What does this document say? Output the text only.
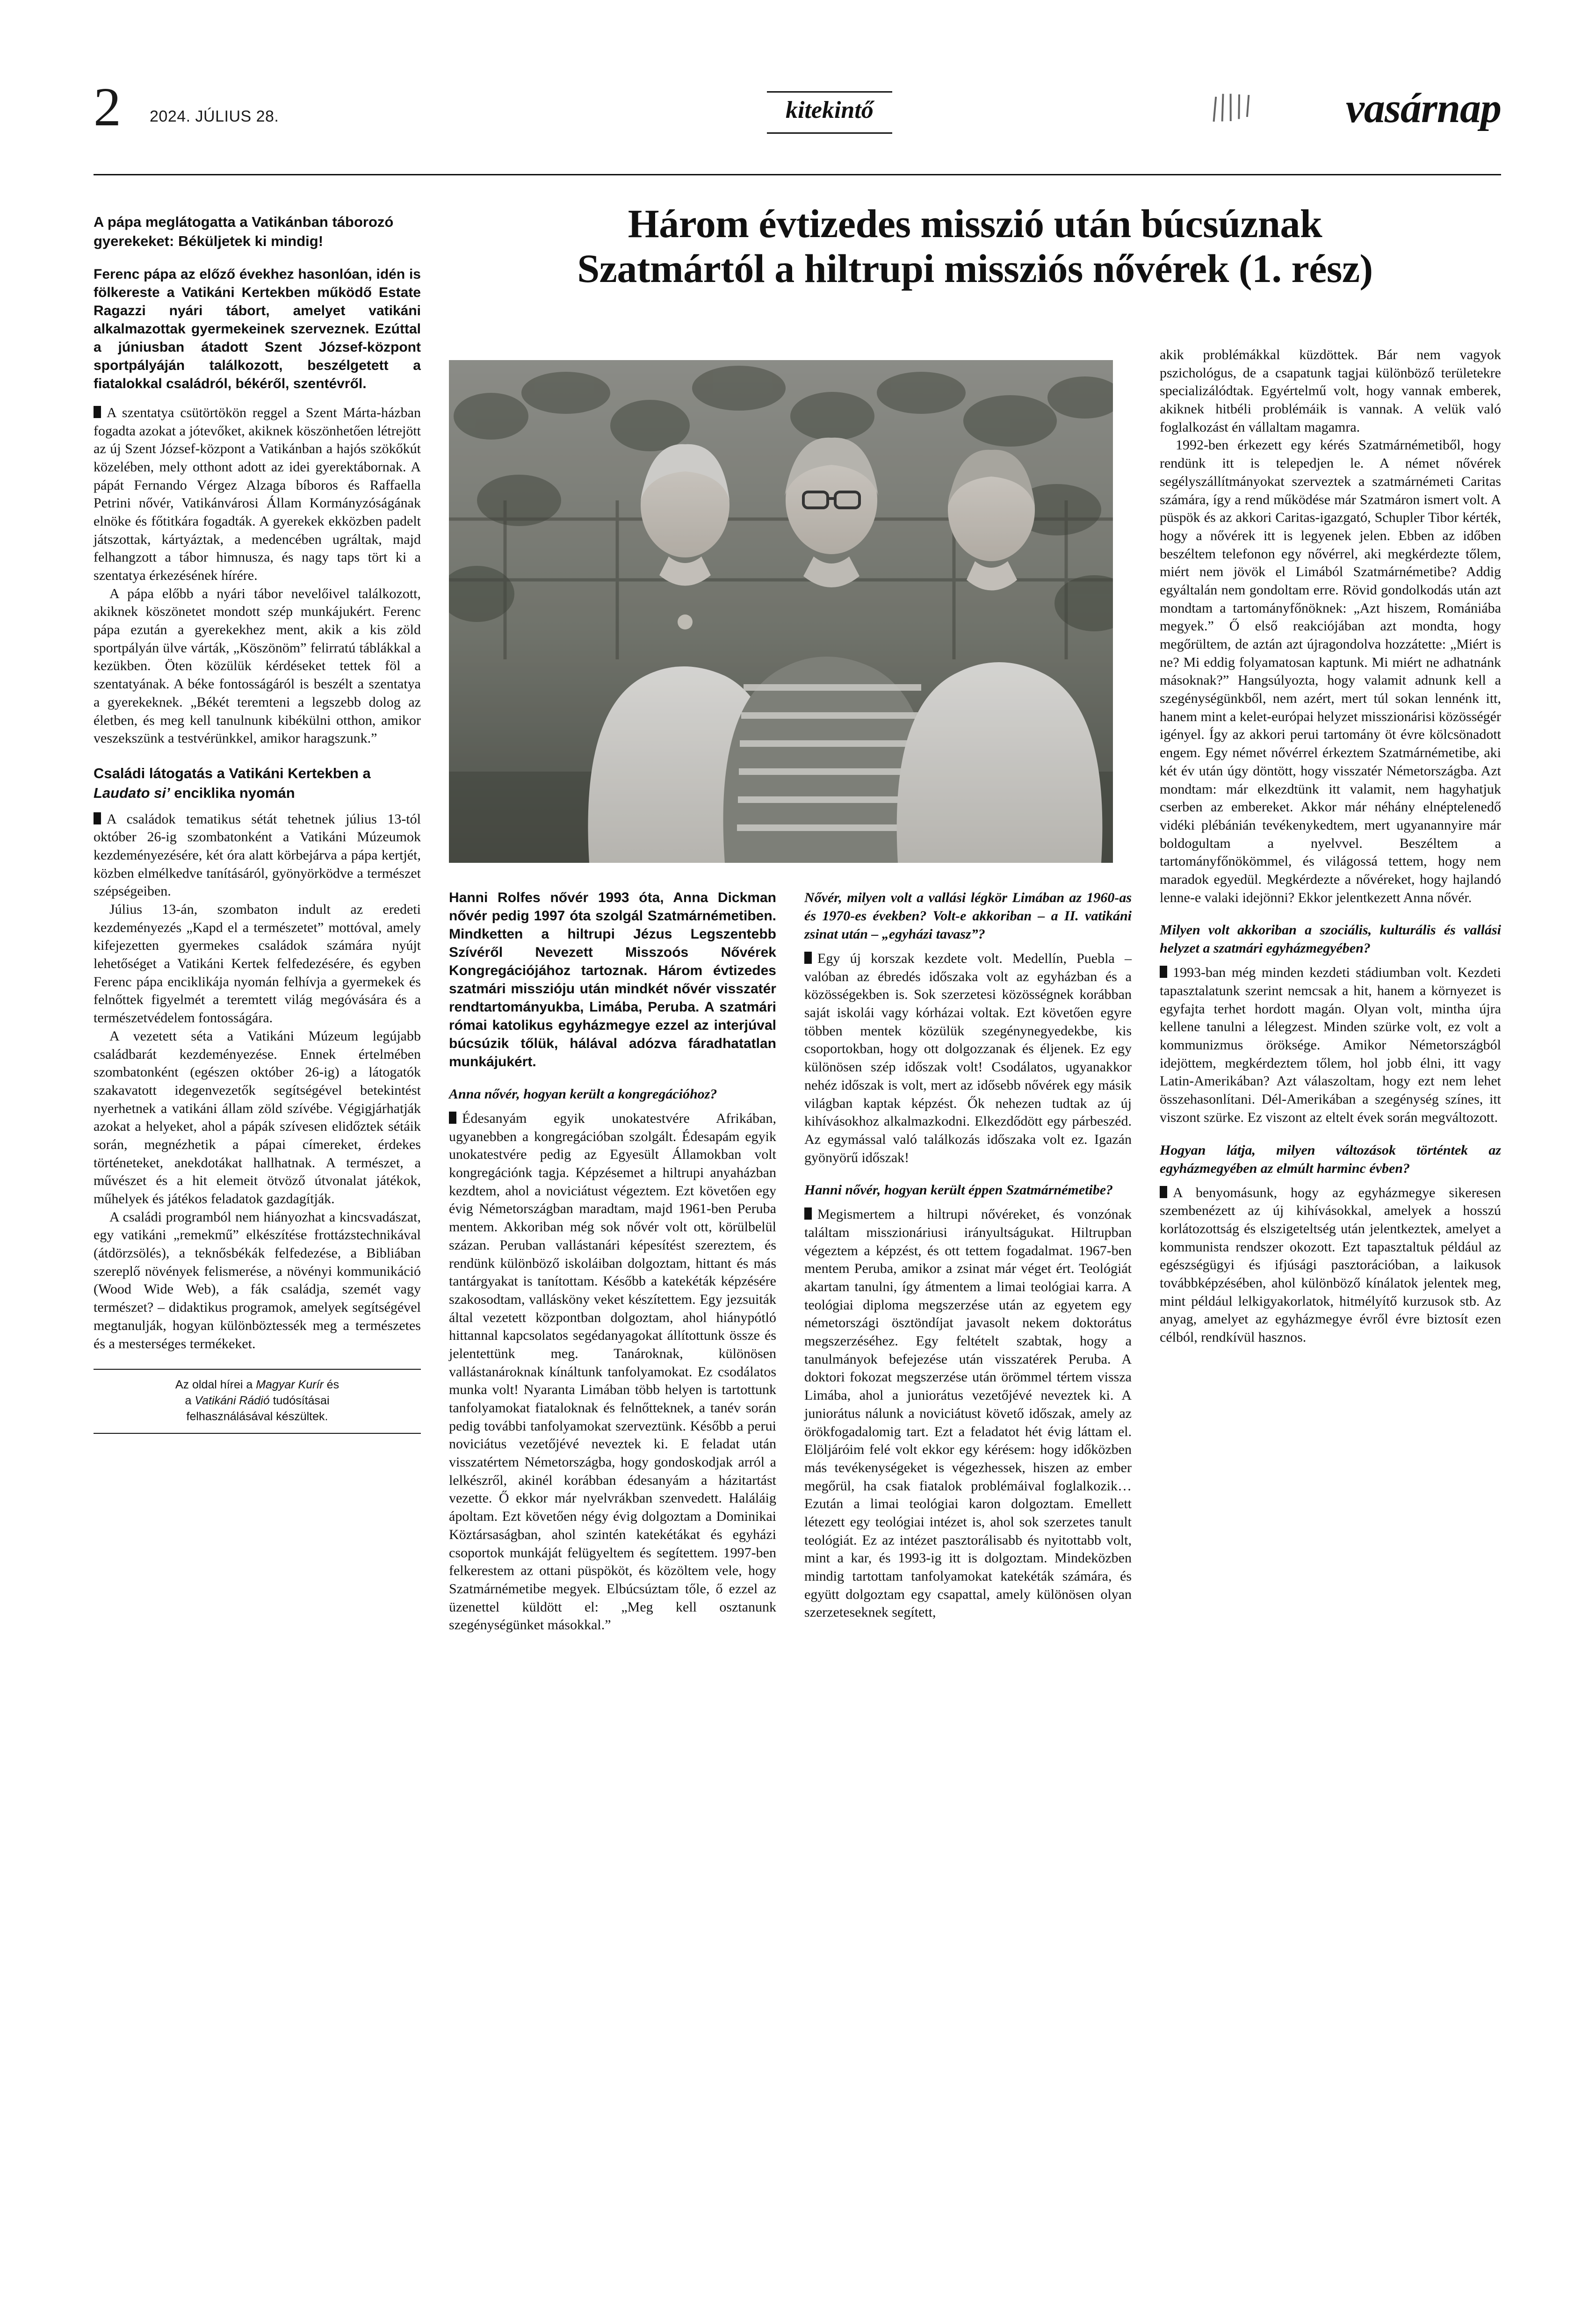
2 2024. JÚLIUS 28.	kitekintő	vasárnap
Három évtizedes misszió után búcsúznak
Szatmártól a hiltrupi missziós nővérek (1. rész)
A pápa meglátogatta a Vatikánban táborozó gyerekeket: Béküljetek ki mindig!

Ferenc pápa az előző évekhez hasonlóan, idén is fölkereste a Vatikáni Kertekben működő Estate Ragazzi nyári tábort, amelyet vatikáni alkalmazottak gyermekeinek szerveznek. Ezúttal a júniusban átadott Szent József-központ sportpályáján találkozott, beszélgetett a fiatalokkal családról, békéről, szentévről.

A szentatya csütörtökön reggel a Szent Márta-házban fogadta azokat a jótevőket, akiknek köszönhetően létrejött az új Szent József-központ a Vatikánban a hajós szökőkút közelében, mely otthont adott az idei gyerektábornak. A pápát Fernando Vérgez Alzaga bíboros és Raffaella Petrini nővér, Vatikánvárosi Állam Kormányzóságának elnöke és főtitkára fogadták. A gyerekek ekközben padelt játszottak, kártyáztak, a medencében ugráltak, majd felhangzott a tábor himnusza, és nagy taps tört ki a szentatya érkezésének hírére.

A pápa előbb a nyári tábor nevelőivel találkozott, akiknek köszönetet mondott szép munkájukért. Ferenc pápa ezután a gyerekekhez ment, akik a kis zöld sportpályán ülve várták, „Köszönöm” felirratú táblákkal a kezükben. Öten közülük kérdéseket tettek föl a szentatyának. A béke fontosságáról is beszélt a szentatya a gyerekeknek. „Békét teremteni a legszebb dolog az életben, és meg kell tanulnunk kibékülni otthon, amikor veszekszünk a testvérünkkel, amikor haragszunk.”

Családi látogatás a Vatikáni Kertekben a Laudato si’ enciklika nyomán

A családok tematikus sétát tehetnek július 13-tól október 26-ig szombatonként a Vatikáni Múzeumok kezdeményezésére, két óra alatt körbejárva a pápa kertjét, közben elmélkedve tanításáról, gyönyörködve a természet szépségeiben.

Július 13-án, szombaton indult az eredeti kezdeményezés „Kapd el a természetet” mottóval, amely kifejezetten gyermekes családok számára nyújt lehetőséget a Vatikáni Kertek felfedezésére, és egyben Ferenc pápa enciklikája nyomán felhívja a gyermekek és felnőttek figyelmét a teremtett világ megóvására és a természetvédelem fontosságára.

A vezetett séta a Vatikáni Múzeum legújabb családbarát kezdeményezése. Ennek értelmében szombatonként (egészen október 26-ig) a látogatók szakavatott idegenvezetők segítségével betekintést nyerhetnek a vatikáni állam zöld szívébe. Végigjárhatják azokat a helyeket, ahol a pápák szívesen elidőztek sétáik során, megnézhetik a pápai címereket, érdekes történeteket, anekdotákat hallhatnak. A természet, a művészet és a hit elemeit ötvöző útvonalat játékok, műhelyek és játékos feladatok gazdagítják.

A családi programból nem hiányozhat a kincsvadászat, egy vatikáni „remekmű” elkészítése frottázstechnikával (átdörzsölés), a teknősbékák felfedezése, a Bibliában szereplő növények felismerése, a növényi kommunikáció (Wood Wide Web), a fák családja, szemét vagy természet? – didaktikus programok, amelyek segítségével megtanulják, hogyan különböztessék meg a természetes és a mesterséges termékeket.

Az oldal hírei a Magyar Kurír és
a Vatikáni Rádió tudósításai
felhasználásával készültek.

Hanni Rolfes nővér 1993 óta, Anna Dickman nővér pedig 1997 óta szolgál Szatmárnémetiben. Mindketten a hiltrupi Jézus Legszentebb Szívéről Nevezett Misszoós Nővérek Kongregációjához tartoznak. Három évtizedes szatmári misszióju után mindkét nővér visszatér rendtartományukba, Limába, Peruba. A szatmári római katolikus egyházmegye ezzel az interjúval búcsúzik tőlük, hálával adózva fáradhatatlan munkájukért.

Anna nővér, hogyan került a kongregációhoz?

Édesanyám egyik unokatestvére Afrikában, ugyanebben a kongregációban szolgált. Édesapám egyik unokatestvére pedig az Egyesült Államokban volt kongregációnk tagja. Képzésemet a hiltrupi anyaházban kezdtem, ahol a noviciátust végeztem. Ezt követően egy évig Németországban maradtam, majd 1961-ben Peruba mentem. Akkoriban még sok nővér volt ott, körülbelül százan. Peruban vallástanári képesítést szereztem, és rendünk különböző iskoláiban dolgoztam, hittant és más tantárgyakat is tanítottam. Később a katekéták képzésére szakosodtam, vallásköny veket készítettem. Egy jezsuiták által vezetett központban dolgoztam, ahol hiánypótló hittannal kapcsolatos segédanyagokat állítottunk össze és jelentettünk meg. Tanároknak, különösen vallástanároknak kínáltunk tanfolyamokat. Ez csodálatos munka volt! Nyaranta Limában több helyen is tartottunk tanfolyamokat fiataloknak és felnőtteknek, a tanév során pedig további tanfolyamokat szerveztünk. Később a perui noviciátus vezetőjévé neveztek ki. E feladat után visszatértem Németországba, hogy gondoskodjak arról a lelkészről, akinél korábban édesanyám a házitartást vezette. Ő ekkor már nyelvrákban szenvedett. Haláláig ápoltam. Ezt követően négy évig dolgoztam a Dominikai Köztársaságban, ahol szintén katekétákat és egyházi csoportok munkáját felügyeltem és segítettem. 1997-ben felkerestem az ottani püspököt, és közöltem vele, hogy Szatmárnémetibe megyek. Elbúcsúztam tőle, ő ezzel az üzenettel küldött el: „Meg kell osztanunk szegénységünket másokkal.”

Nővér, milyen volt a vallási légkör Limában az 1960-as és 1970-es években? Volt-e akkoriban – a II. vatikáni zsinat után – „egyházi tavasz”?

Egy új korszak kezdete volt. Medellín, Puebla – valóban az ébredés időszaka volt az egyházban és a közösségekben is. Sok szerzetesi közösségnek korábban saját iskolái vagy kórházai voltak. Ezt követően egyre többen mentek közülük szegénynegyedekbe, kis csoportokban, hogy ott dolgozzanak és éljenek. Ez egy különösen szép időszak volt! Csodálatos, ugyanakkor nehéz időszak is volt, mert az idősebb nővérek egy másik világban kaptak képzést. Ők nehezen tudtak az új kihívásokhoz alkalmazkodni. Elkezdődött egy párbeszéd. Az egymással való találkozás időszaka volt ez. Igazán gyönyörű időszak!

Hanni nővér, hogyan került éppen Szatmárnémetibe?

Megismertem a hiltrupi nővéreket, és vonzónak találtam misszionáriusi irányultságukat. Hiltrupban végeztem a képzést, és ott tettem fogadalmat. 1967-ben mentem Peruba, amikor a zsinat már véget ért. Teológiát akartam tanulni, így átmentem a limai teológiai karra. A teológiai diploma megszerzése után az egyetem egy németországi ösztöndíjat javasolt nekem doktorátus megszerzéséhez. Egy feltételt szabtak, hogy a tanulmányok befejezése után visszatérek Peruba. A doktori fokozat megszerzése után örömmel tértem vissza Limába, ahol a juniorátus vezetőjévé neveztek ki. A juniorátus nálunk a noviciátust követő időszak, amely az örökfogadalomig tart. Ezt a feladatot hét évig láttam el. Elöljáróim felé volt ekkor egy kérésem: hogy időközben más tevékenységeket is végezhessek, hiszen az ember megőrül, ha csak fiatalok problémáival foglalkozik… Ezután a limai teológiai karon dolgoztam. Emellett létezett egy teológiai intézet is, ahol sok szerzetes tanult teológiát. Ez az intézet pasztorálisabb és nyitottabb volt, mint a kar, és 1993-ig itt is dolgoztam. Mindeközben mindig tartottam tanfolyamokat katekéták számára, és együtt dolgoztam egy csapattal, amely különösen olyan szerzeteseknek segített,

akik problémákkal küzdöttek. Bár nem vagyok pszichológus, de a csapatunk tagjai különböző területekre specializálódtak. Egyértelmű volt, hogy vannak emberek, akiknek hitbéli problémáik is vannak. A velük való foglalkozást én vállaltam magamra.

1992-ben érkezett egy kérés Szatmárnémetiből, hogy rendünk itt is telepedjen le. A német nővérek segélyszállítmányokat szerveztek a szatmárnémeti Caritas számára, így a rend működése már Szatmáron ismert volt. A püspök és az akkori Caritas-igazgató, Schupler Tibor kérték, hogy a nővérek itt is legyenek jelen. Ebben az időben beszéltem telefonon egy nővérrel, aki megkérdezte tőlem, miért nem jövök el Limából Szatmárnémetibe? Addig egyáltalán nem gondoltam erre. Rövid gondolkodás után azt mondtam a tartományfőnöknek: „Azt hiszem, Romániába megyek.” Ő első reakciójában azt mondta, hogy megőrültem, de aztán azt újragondolva hozzátette: „Miért is ne? Mi eddig folyamatosan kaptunk. Mi miért ne adhatnánk másoknak?” Hangsúlyozta, hogy valamit adnunk kell a szegénységünkből, nem azért, mert túl sokan lennénk itt, hanem mint a kelet-európai helyzet misszionárisi közösségér igényel. Így az akkori perui tartomány öt évre kölcsönadott engem. Egy német nővérrel érkeztem Szatmárnémetibe, aki két év után úgy döntött, hogy visszatér Németországba. Azt mondtam: már elkezdtünk itt valamit, nem hagyhatjuk cserben az embereket. Akkor már néhány elnéptelenedő vidéki plébánián tevékenykedtem, mert ugyanannyire már boldogultam a nyelvvel. Beszéltem a tartományfőnökömmel, és világossá tettem, hogy nem maradok egyedül. Megkérdezte a nővéreket, hogy hajlandó lenne-e valaki idejönni? Ekkor jelentkezett Anna nővér.

Milyen volt akkoriban a szociális, kulturális és vallási helyzet a szatmári egyházmegyében?

1993-ban még minden kezdeti stádiumban volt. Kezdeti tapasztalatunk szerint nemcsak a hit, hanem a környezet is egyfajta terhet hordott magán. Olyan volt, mintha újra kellene tanulni a lélegzest. Minden szürke volt, ez volt a kommunizmus öröksége. Amikor Németországból idejöttem, megkérdeztem tőlem, hol jobb élni, itt vagy Latin-Amerikában? Azt válaszoltam, hogy ezt nem lehet összehasonlítani. Dél-Amerikában a szegénység színes, itt viszont szürke. Ez viszont az eltelt évek során megváltozott.

Hogyan látja, milyen változások történtek az egyházmegyében az elmúlt harminc évben?

A benyomásunk, hogy az egyházmegye sikeresen szembenézett az új kihívásokkal, amelyek a hosszú korlátozottság és elszigeteltség után jelentkeztek, amelyet a kommunista rendszer okozott. Ezt tapasztaltuk például az egészségügyi és ifjúsági pasztorációban, a laikusok továbbképzésében, ahol különböző kínálatok jelentek meg, mint például lelkigyakorlatok, hitmélyítő kurzusok stb. Az anyag, amelyet az egyházmegye évről évre biztosít ezen célból, rendkívül hasznos.
